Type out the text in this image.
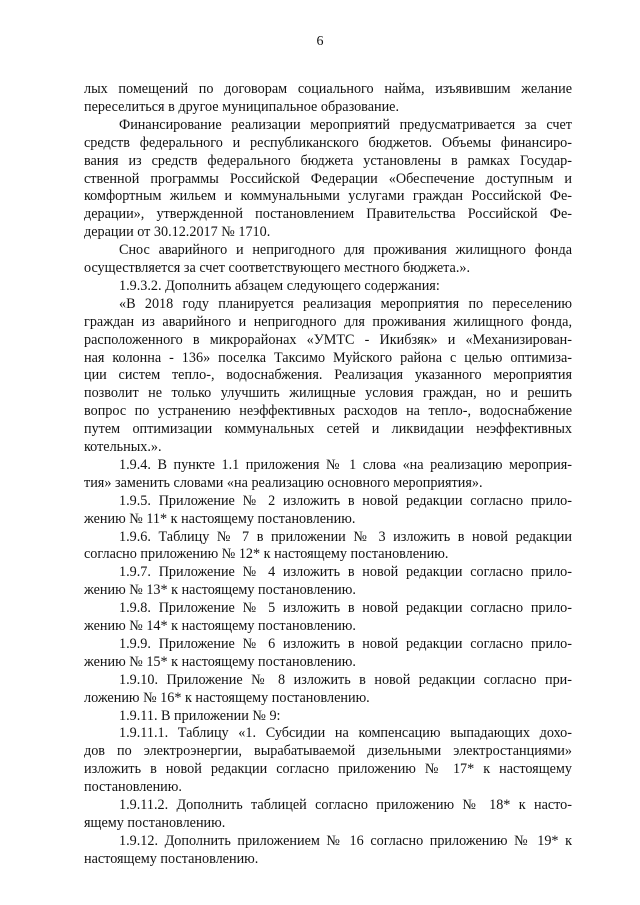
6
лых помещений по договорам социального найма, изъявившим желание
переселиться в другое муниципальное образование.
Финансирование реализации мероприятий предусматривается за счет
средств федерального и республиканского бюджетов. Объемы финансиро-
вания из средств федерального бюджета установлены в рамках Государ-
ственной программы Российской Федерации «Обеспечение доступным и
комфортным жильем и коммунальными услугами граждан Российской Фе-
дерации», утвержденной постановлением Правительства Российской Фе-
дерации от 30.12.2017 № 1710.
Снос аварийного и непригодного для проживания жилищного фонда
осуществляется за счет соответствующего местного бюджета.».
1.9.3.2. Дополнить абзацем следующего содержания:
«В 2018 году планируется реализация мероприятия по переселению
граждан из аварийного и непригодного для проживания жилищного фонда,
расположенного в микрорайонах «УМТС - Икибзяк» и «Механизирован-
ная колонна - 136» поселка Таксимо Муйского района с целью оптимиза-
ции систем тепло-, водоснабжения. Реализация указанного мероприятия
позволит не только улучшить жилищные условия граждан, но и решить
вопрос по устранению неэффективных расходов на тепло-, водоснабжение
путем оптимизации коммунальных сетей и ликвидации неэффективных
котельных.».
1.9.4. В пункте 1.1 приложения № 1 слова «на реализацию мероприя-
тия» заменить словами «на реализацию основного мероприятия».
1.9.5. Приложение № 2 изложить в новой редакции согласно прило-
жению № 11* к настоящему постановлению.
1.9.6. Таблицу № 7 в приложении № 3 изложить в новой редакции
согласно приложению № 12* к настоящему постановлению.
1.9.7. Приложение № 4 изложить в новой редакции согласно прило-
жению № 13* к настоящему постановлению.
1.9.8. Приложение № 5 изложить в новой редакции согласно прило-
жению № 14* к настоящему постановлению.
1.9.9. Приложение № 6 изложить в новой редакции согласно прило-
жению № 15* к настоящему постановлению.
1.9.10. Приложение № 8 изложить в новой редакции согласно при-
ложению № 16* к настоящему постановлению.
1.9.11. В приложении № 9:
1.9.11.1. Таблицу «1. Субсидии на компенсацию выпадающих дохо-
дов по электроэнергии, вырабатываемой дизельными электростанциями»
изложить в новой редакции согласно приложению № 17* к настоящему
постановлению.
1.9.11.2. Дополнить таблицей согласно приложению № 18* к насто-
ящему постановлению.
1.9.12. Дополнить приложением № 16 согласно приложению № 19* к
настоящему постановлению.
